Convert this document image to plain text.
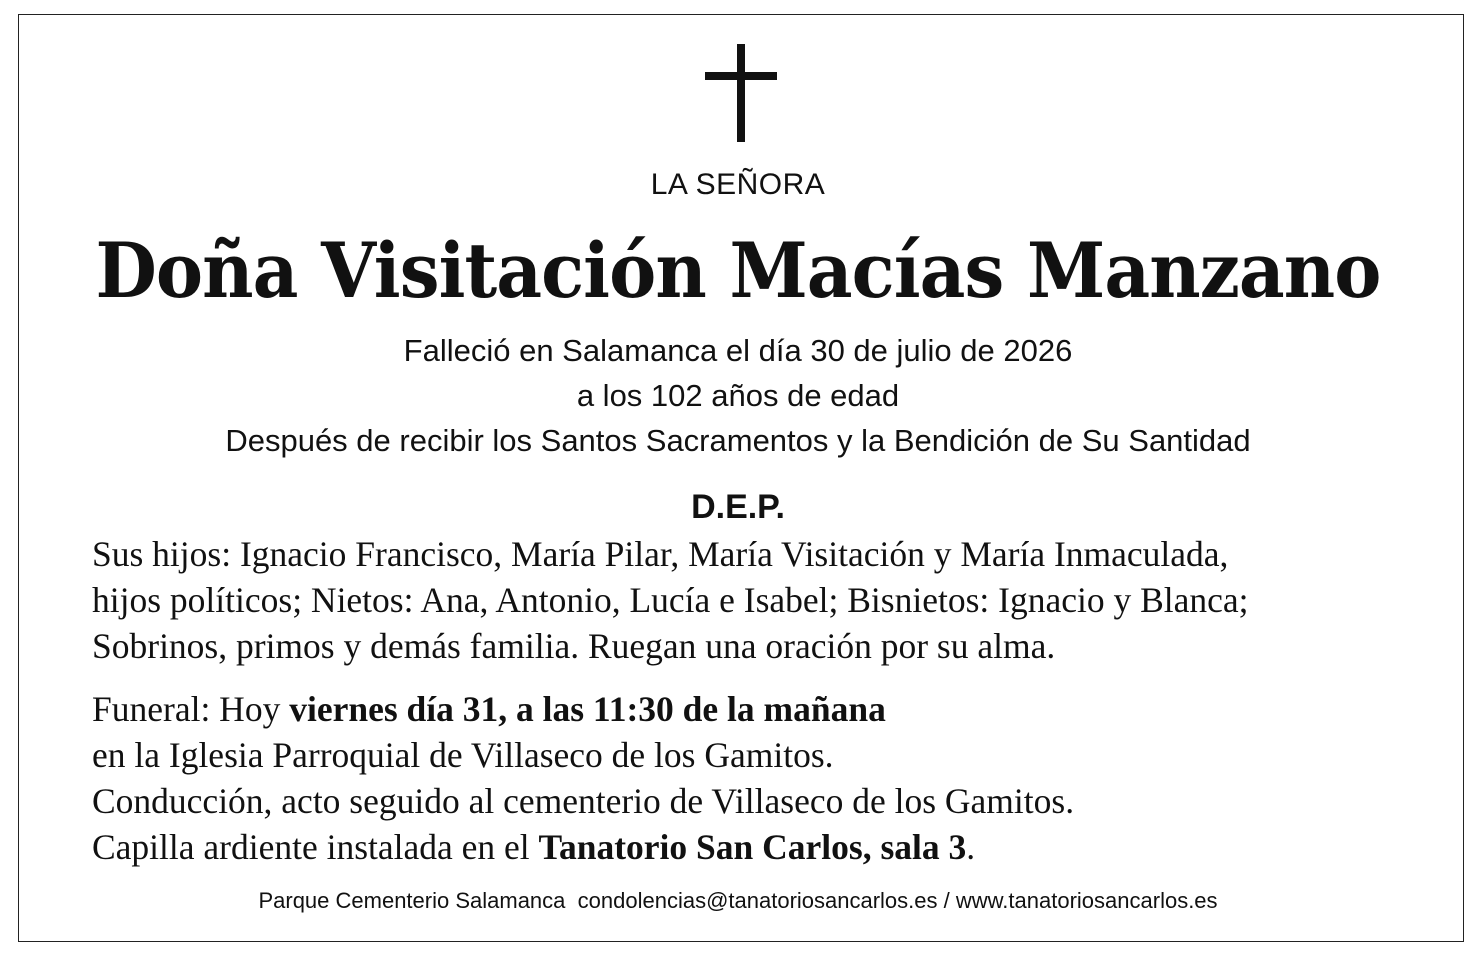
LA SEÑORA
Doña Visitación Macías Manzano
Falleció en Salamanca el día 30 de julio de 2026
a los 102 años de edad
Después de recibir los Santos Sacramentos y la Bendición de Su Santidad
D.E.P.
Sus hijos: Ignacio Francisco, María Pilar, María Visitación y María Inmaculada,
hijos políticos; Nietos: Ana, Antonio, Lucía e Isabel; Bisnietos: Ignacio y Blanca;
Sobrinos, primos y demás familia. Ruegan una oración por su alma.
Funeral: Hoy viernes día 31, a las 11:30 de la mañana
en la Iglesia Parroquial de Villaseco de los Gamitos.
Conducción, acto seguido al cementerio de Villaseco de los Gamitos.
Capilla ardiente instalada en el Tanatorio San Carlos, sala 3.
Parque Cementerio Salamanca condolencias@tanatoriosancarlos.es / www.tanatoriosancarlos.es
